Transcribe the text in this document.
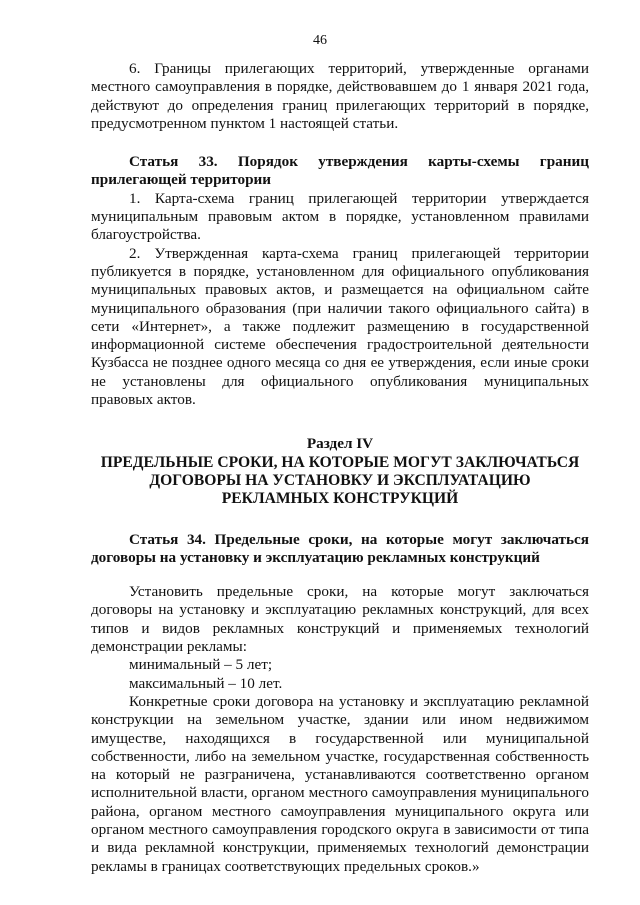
46

6. Границы прилегающих территорий, утвержденные органами местного самоуправления в порядке, действовавшем до 1 января 2021 года, действуют до определения границ прилегающих территорий в порядке, предусмотренном пунктом 1 настоящей статьи.

Статья 33. Порядок утверждения карты-схемы границ прилегающей территории

1. Карта-схема границ прилегающей территории утверждается муниципальным правовым актом в порядке, установленном правилами благоустройства.

2. Утвержденная карта-схема границ прилегающей территории публикуется в порядке, установленном для официального опубликования муниципальных правовых актов, и размещается на официальном сайте муниципального образования (при наличии такого официального сайта) в сети «Интернет», а также подлежит размещению в государственной информационной системе обеспечения градостроительной деятельности Кузбасса не позднее одного месяца со дня ее утверждения, если иные сроки не установлены для официального опубликования муниципальных правовых актов.

Раздел IV

ПРЕДЕЛЬНЫЕ СРОКИ, НА КОТОРЫЕ МОГУТ ЗАКЛЮЧАТЬСЯ

ДОГОВОРЫ НА УСТАНОВКУ И ЭКСПЛУАТАЦИЮ

РЕКЛАМНЫХ КОНСТРУКЦИЙ

Статья 34. Предельные сроки, на которые могут заключаться договоры на установку и эксплуатацию рекламных конструкций

Установить предельные сроки, на которые могут заключаться договоры на установку и эксплуатацию рекламных конструкций, для всех типов и видов рекламных конструкций и применяемых технологий демонстрации рекламы:

минимальный – 5 лет;

максимальный – 10 лет.

Конкретные сроки договора на установку и эксплуатацию рекламной конструкции на земельном участке, здании или ином недвижимом имуществе, находящихся в государственной или муниципальной собственности, либо на земельном участке, государственная собственность на который не разграничена, устанавливаются соответственно органом исполнительной власти, органом местного самоуправления муниципального района, органом местного самоуправления муниципального округа или органом местного самоуправления городского округа в зависимости от типа и вида рекламной конструкции, применяемых технологий демонстрации рекламы в границах соответствующих предельных сроков.»
